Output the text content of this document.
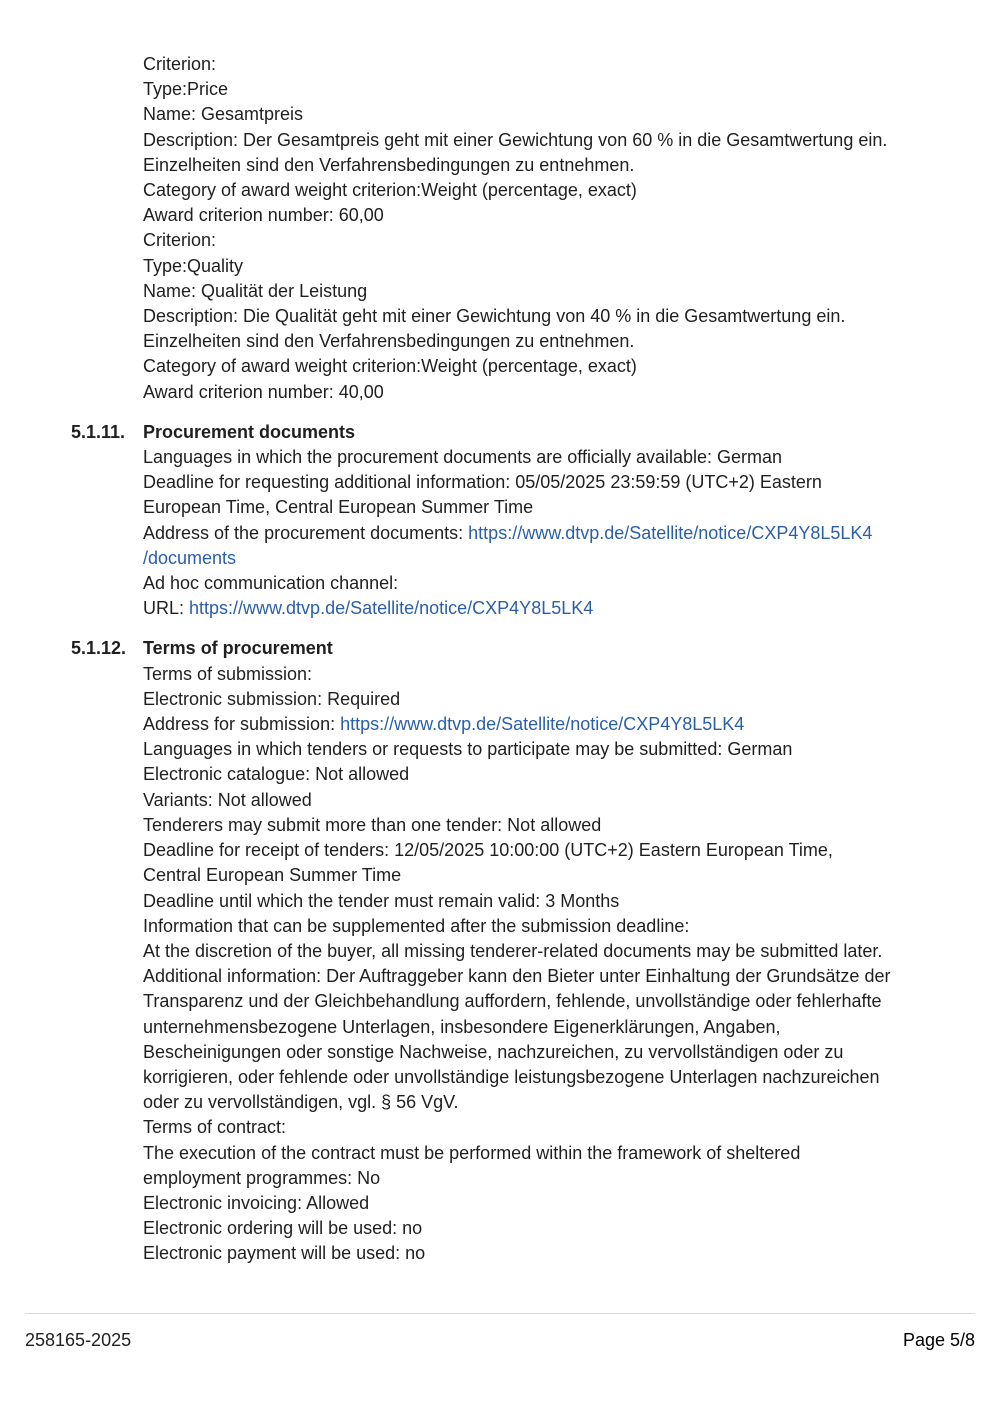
Criterion:
Type:Price
Name: Gesamtpreis
Description: Der Gesamtpreis geht mit einer Gewichtung von 60 % in die Gesamtwertung ein.
Einzelheiten sind den Verfahrensbedingungen zu entnehmen.
Category of award weight criterion:Weight (percentage, exact)
Award criterion number: 60,00
Criterion:
Type:Quality
Name: Qualität der Leistung
Description: Die Qualität geht mit einer Gewichtung von 40 % in die Gesamtwertung ein.
Einzelheiten sind den Verfahrensbedingungen zu entnehmen.
Category of award weight criterion:Weight (percentage, exact)
Award criterion number: 40,00
5.1.11. Procurement documents
Languages in which the procurement documents are officially available: German
Deadline for requesting additional information: 05/05/2025 23:59:59 (UTC+2) Eastern
European Time, Central European Summer Time
Address of the procurement documents: https://www.dtvp.de/Satellite/notice/CXP4Y8L5LK4
/documents
Ad hoc communication channel:
URL: https://www.dtvp.de/Satellite/notice/CXP4Y8L5LK4
5.1.12. Terms of procurement
Terms of submission:
Electronic submission: Required
Address for submission: https://www.dtvp.de/Satellite/notice/CXP4Y8L5LK4
Languages in which tenders or requests to participate may be submitted: German
Electronic catalogue: Not allowed
Variants: Not allowed
Tenderers may submit more than one tender: Not allowed
Deadline for receipt of tenders: 12/05/2025 10:00:00 (UTC+2) Eastern European Time,
Central European Summer Time
Deadline until which the tender must remain valid: 3 Months
Information that can be supplemented after the submission deadline:
At the discretion of the buyer, all missing tenderer-related documents may be submitted later.
Additional information: Der Auftraggeber kann den Bieter unter Einhaltung der Grundsätze der
Transparenz und der Gleichbehandlung auffordern, fehlende, unvollständige oder fehlerhafte
unternehmensbezogene Unterlagen, insbesondere Eigenerklärungen, Angaben,
Bescheinigungen oder sonstige Nachweise, nachzureichen, zu vervollständigen oder zu
korrigieren, oder fehlende oder unvollständige leistungsbezogene Unterlagen nachzureichen
oder zu vervollständigen, vgl. § 56 VgV.
Terms of contract:
The execution of the contract must be performed within the framework of sheltered
employment programmes: No
Electronic invoicing: Allowed
Electronic ordering will be used: no
Electronic payment will be used: no
258165-2025	Page 5/8
